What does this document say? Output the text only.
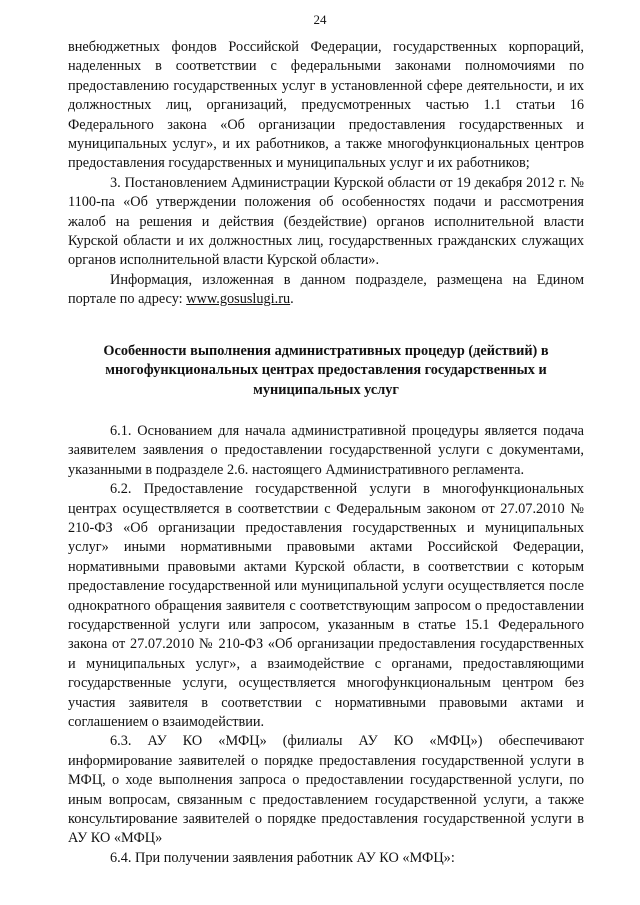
24

внебюджетных фондов Российской Федерации, государственных корпораций, наделенных в соответствии с федеральными законами полномочиями по предоставлению государственных услуг в установленной сфере деятельности, и их должностных лиц, организаций, предусмотренных частью 1.1 статьи 16 Федерального закона «Об организации предоставления государственных и муниципальных услуг», и их работников, а также многофункциональных центров предоставления государственных и муниципальных услуг и их работников;

3. Постановлением Администрации Курской области от 19 декабря 2012 г. № 1100-па «Об утверждении положения об особенностях подачи и рассмотрения жалоб на решения и действия (бездействие) органов исполнительной власти Курской области и их должностных лиц, государственных гражданских служащих органов исполнительной власти Курской области».

Информация, изложенная в данном подразделе, размещена на Едином портале по адресу: www.gosuslugi.ru.

Особенности выполнения административных процедур (действий) в
многофункциональных центрах предоставления государственных и
муниципальных услуг

6.1. Основанием для начала административной процедуры является подача заявителем заявления о предоставлении государственной услуги с документами, указанными в подразделе 2.6. настоящего Административного регламента.

6.2. Предоставление государственной услуги в многофункциональных центрах осуществляется в соответствии с Федеральным законом от 27.07.2010 № 210-ФЗ «Об организации предоставления государственных и муниципальных услуг» иными нормативными правовыми актами Российской Федерации, нормативными правовыми актами Курской области, в соответствии с которым предоставление государственной или муниципальной услуги осуществляется после однократного обращения заявителя с соответствующим запросом о предоставлении государственной услуги или запросом, указанным в статье 15.1 Федерального закона от 27.07.2010 № 210-ФЗ «Об организации предоставления государственных и муниципальных услуг», а взаимодействие с органами, предоставляющими государственные услуги, осуществляется многофункциональным центром без участия заявителя в соответствии с нормативными правовыми актами и соглашением о взаимодействии.

6.3. АУ КО «МФЦ» (филиалы АУ КО «МФЦ») обеспечивают информирование заявителей о порядке предоставления государственной услуги в МФЦ, о ходе выполнения запроса о предоставлении государственной услуги, по иным вопросам, связанным с предоставлением государственной услуги, а также консультирование заявителей о порядке предоставления государственной услуги в АУ КО «МФЦ»

6.4. При получении заявления работник АУ КО «МФЦ»:
